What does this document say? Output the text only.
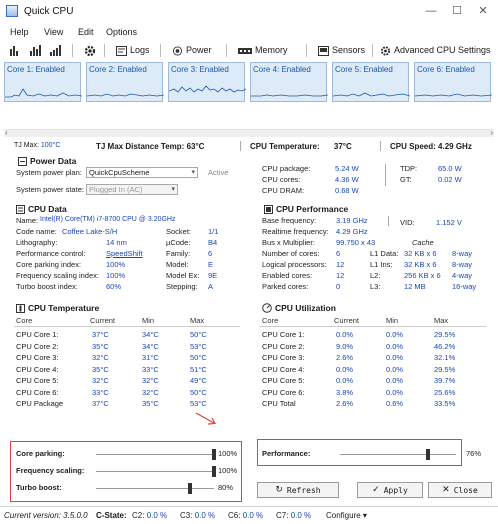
Quick CPU	—	☐	✕
Help View Edit Options
Logs	Power	Memory	Sensors	Advanced CPU Settings
Core 1: Enabled	Core 2: Enabled	Core 3: Enabled	Core 4: Enabled	Core 5: Enabled	Core 6: Enabled
‹	›
TJ Max: 100°C	TJ Max Distance Temp: 63°C	CPU Temperature: 37°C	CPU Speed: 4.29 GHz
Power Data
System power plan: QuickCpuScheme	▾ Active
System power state: Plugged In (AC)	▾
CPU package:	5.24 W
CPU cores:	4.36 W
CPU DRAM:	0.68 W
TDP:	65.0 W
GT:	0.02 W
CPU Data
Name: Intel(R) Core(TM) i7-8700 CPU @ 3.20GHz
Code name: Coffee Lake-S/H	Socket: 1/1
Lithography:	14 nm	µCode: B4
Performance control:	SpeedShift	Family: 6
Core parking index:	100%	Model:	E
Frequency scaling index: 100%	Model Ex: 9E
Turbo boost index:	60%	Stepping: A
CPU Performance
Base frequency:	3.19 GHz	VID:	1.152 V
Realtime frequency: 4.29 GHz
Bus x Multiplier:	99.750 x 43	Cache
Number of cores: 6	L1 Data: 32 KB x 6 8-way
Logical processors: 12	L1 Ins: 32 KB x 6 8-way
Enabled cores:	12	L2:	256 KB x 6 4-way
Parked cores:	0	L3:	12 MB	16-way
CPU Temperature
Core	Current	Min	Max
CPU Core 1:	37°C	34°C	50°C
CPU Core 2:	35°C	34°C	53°C
CPU Core 3:	32°C	31°C	50°C
CPU Core 4:	35°C	33°C	51°C
CPU Core 5:	32°C	32°C	49°C
CPU Core 6:	33°C	32°C	50°C
CPU Package	37°C	35°C	53°C
CPU Utilization
Core	Current	Min	Max
CPU Core 1:	0.0%	0.0%	29.5%
CPU Core 2:	9.0%	0.0%	46.2%
CPU Core 3:	2.6%	0.0%	32.1%
CPU Core 4:	0.0%	0.0%	29.5%
CPU Core 5:	0.0%	0.0%	39.7%
CPU Core 6:	3.8%	0.0%	25.6%
CPU Total	2.6%	0.6%	33.5%
Core parking:	100%
Frequency scaling:	100%
Turbo boost:	80%
Performance:	76%
↻ Refresh	✓ Apply	✕ Close
Current version: 3.5.0.0 C-State: C2: 0.0 % C3: 0.0 % C6: 0.0 % C7: 0.0 % Configure ▾
